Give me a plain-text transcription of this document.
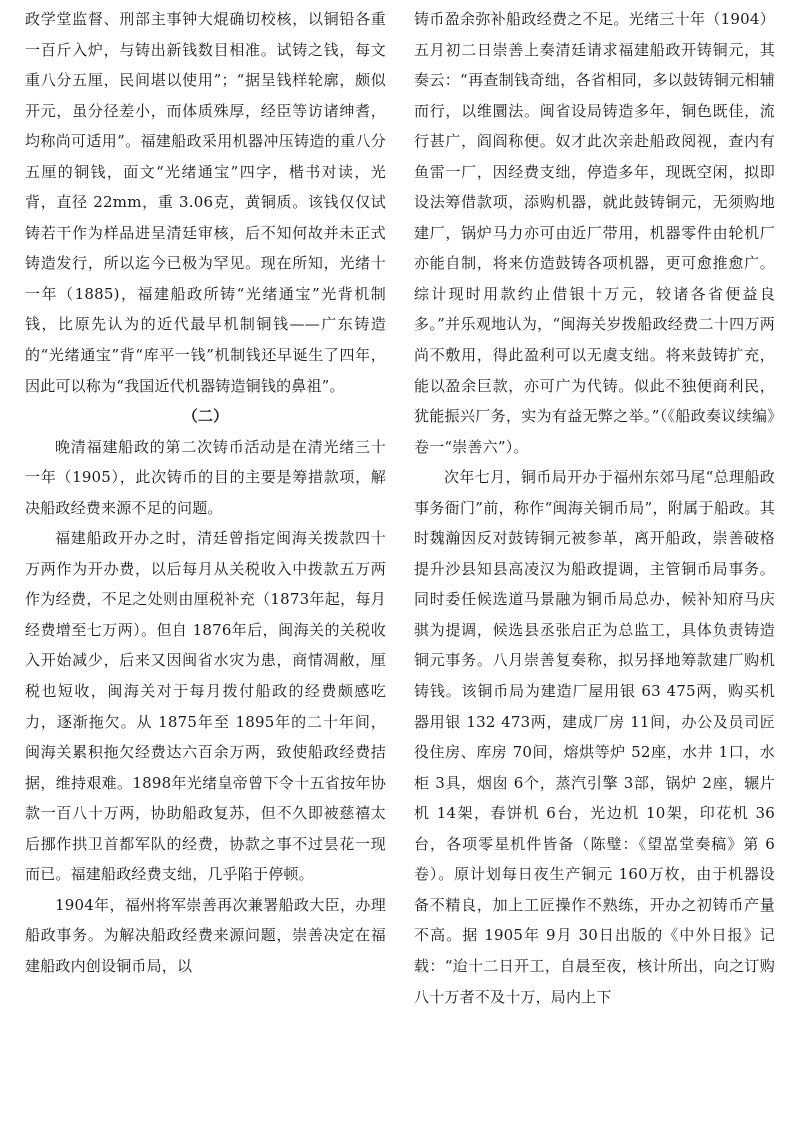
政学堂监督、刑部主事钟大焜确切校核，以铜铅各重一百斤入炉，与铸出新钱数目相准。试铸之钱，每文重八分五厘，民间堪以使用”；“据呈钱样轮廓，颇似开元，虽分径差小，而体质殊厚，经臣等访诸绅耆，均称尚可适用”。福建船政采用机器冲压铸造的重八分五厘的铜钱，面文“光绪通宝”四字，楷书对读，光背，直径 22mm，重 3.06克，黄铜质。该钱仅仅试铸若干作为样品进呈清廷审核，后不知何故并未正式铸造发行，所以迄今已极为罕见。现在所知，光绪十一年（1885)，福建船政所铸“光绪通宝”光背机制钱，比原先认为的近代最早机制铜钱——广东铸造的“光绪通宝”背“库平一钱”机制钱还早诞生了四年，因此可以称为“我国近代机器铸造铜钱的鼻祖”。

（二）

晚清福建船政的第二次铸币活动是在清光绪三十一年（1905），此次铸币的目的主要是筹措款项，解决船政经费来源不足的问题。

福建船政开办之时，清廷曾指定闽海关拨款四十万两作为开办费，以后每月从关税收入中拨款五万两作为经费，不足之处则由厘税补充（1873年起，每月经费增至七万两）。但自 1876年后，闽海关的关税收入开始减少，后来又因闽省水灾为患，商情凋敝，厘税也短收，闽海关对于每月拨付船政的经费颇感吃力，逐渐拖欠。从 1875年至 1895年的二十年间，闽海关累积拖欠经费达六百余万两，致使船政经费拮据，维持艰难。1898年光绪皇帝曾下令十五省按年协款一百八十万两，协助船政复苏，但不久即被慈禧太后挪作拱卫首都军队的经费，协款之事不过昙花一现而已。福建船政经费支绌，几乎陷于停顿。

1904年，福州将军崇善再次兼署船政大臣，办理船政事务。为解决船政经费来源问题，崇善决定在福建船政内创设铜币局，以

铸币盈余弥补船政经费之不足。光绪三十年（1904）五月初二日崇善上奏清廷请求福建船政开铸铜元，其奏云：“再查制钱奇绌，各省相同，多以鼓铸铜元相辅而行，以维圜法。闽省设局铸造多年，铜色既佳，流行甚广，阎阎称便。奴才此次亲赴船政阅视，查内有鱼雷一厂，因经费支绌，停造多年，现既空闲，拟即设法筹借款项，添购机器，就此鼓铸铜元，无须购地建厂，锅炉马力亦可由近厂带用，机器零件由轮机厂亦能自制，将来仿造鼓铸各项机器，更可愈推愈广。综计现时用款约止借银十万元，较诸各省便益良多。”并乐观地认为，“闽海关岁拨船政经费二十四万两尚不敷用，得此盈利可以无虞支绌。将来鼓铸扩充，能以盈余巨款，亦可广为代铸。似此不独便商利民，犹能振兴厂务，实为有益无弊之举。”（《船政奏议续编》卷一“崇善六”）。

次年七月，铜币局开办于福州东郊马尾“总理船政事务衙门”前，称作“闽海关铜币局”，附属于船政。其时魏瀚因反对鼓铸铜元被参革，离开船政，崇善破格提升沙县知县高凌汉为船政提调，主管铜币局事务。同时委任候选道马景融为铜币局总办，候补知府马庆骐为提调，候选县丞张启正为总监工，具体负责铸造铜元事务。八月崇善复奏称，拟另择地筹款建厂购机铸钱。该铜币局为建造厂屋用银 63 475两，购买机器用银 132 473两，建成厂房 11间，办公及员司匠役住房、库房 70间，熔烘等炉 52座，水井 1口，水柜 3具，烟囱 6个，蒸汽引擎 3部，锅炉 2座，辗片机 14架，春饼机 6台，光边机 10架，印花机 36台，各项零星机件皆备（陈璧：《望嵓堂奏稿》第 6卷）。原计划每日夜生产铜元 160万枚，由于机器设备不精良，加上工匠操作不熟练，开办之初铸币产量不高。据 1905年 9月 30日出版的《中外日报》记载：“迨十二日开工，自晨至夜，核计所出，向之订购八十万者不及十万，局内上下
